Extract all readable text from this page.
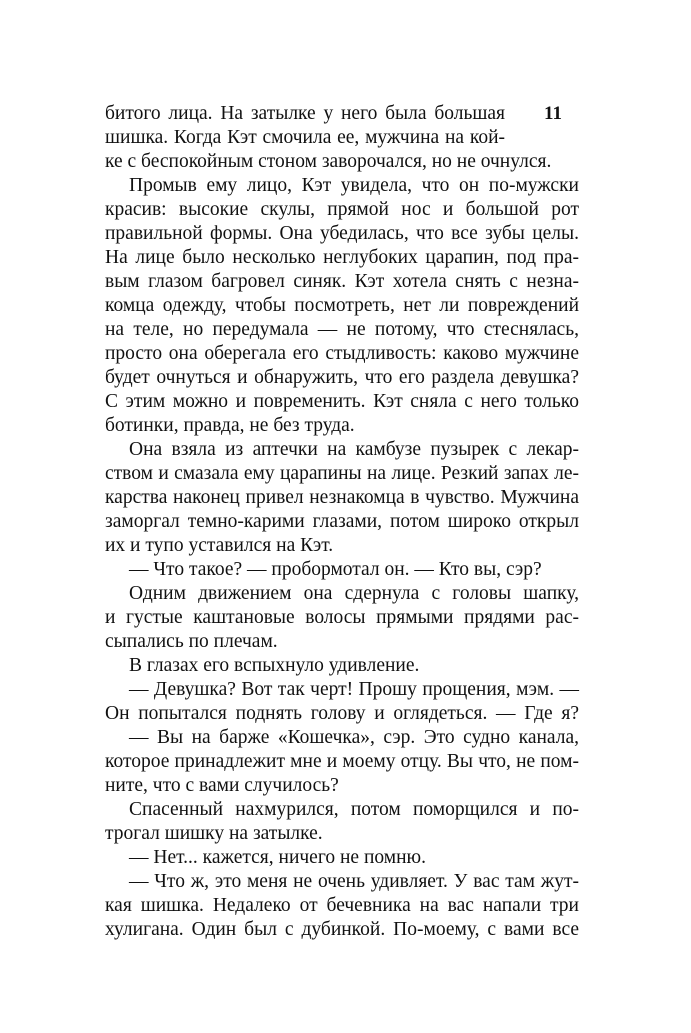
11

битого лица. На затылке у него была большая
шишка. Когда Кэт смочила ее, мужчина на кой-
ке с беспокойным стоном заворочался, но не очнулся.
Промыв ему лицо, Кэт увидела, что он по-мужски
красив: высокие скулы, прямой нос и большой рот
правильной формы. Она убедилась, что все зубы целы.
На лице было несколько неглубоких царапин, под пра-
вым глазом багровел синяк. Кэт хотела снять с незна-
комца одежду, чтобы посмотреть, нет ли повреждений
на теле, но передумала — не потому, что стеснялась,
просто она оберегала его стыдливость: каково мужчине
будет очнуться и обнаружить, что его раздела девушка?
С этим можно и повременить. Кэт сняла с него только
ботинки, правда, не без труда.
Она взяла из аптечки на камбузе пузырек с лекар-
ством и смазала ему царапины на лице. Резкий запах ле-
карства наконец привел незнакомца в чувство. Мужчина
заморгал темно-карими глазами, потом широко открыл
их и тупо уставился на Кэт.
— Что такое? — пробормотал он. — Кто вы, сэр?
Одним движением она сдернула с головы шапку,
и густые каштановые волосы прямыми прядями рас-
сыпались по плечам.
В глазах его вспыхнуло удивление.
— Девушка? Вот так черт! Прошу прощения, мэм. —
Он попытался поднять голову и оглядеться. — Где я?
— Вы на барже «Кошечка», сэр. Это судно канала,
которое принадлежит мне и моему отцу. Вы что, не пом-
ните, что с вами случилось?
Спасенный нахмурился, потом поморщился и по-
трогал шишку на затылке.
— Нет... кажется, ничего не помню.
— Что ж, это меня не очень удивляет. У вас там жут-
кая шишка. Недалеко от бечевника на вас напали три
хулигана. Один был с дубинкой. По-моему, с вами все
